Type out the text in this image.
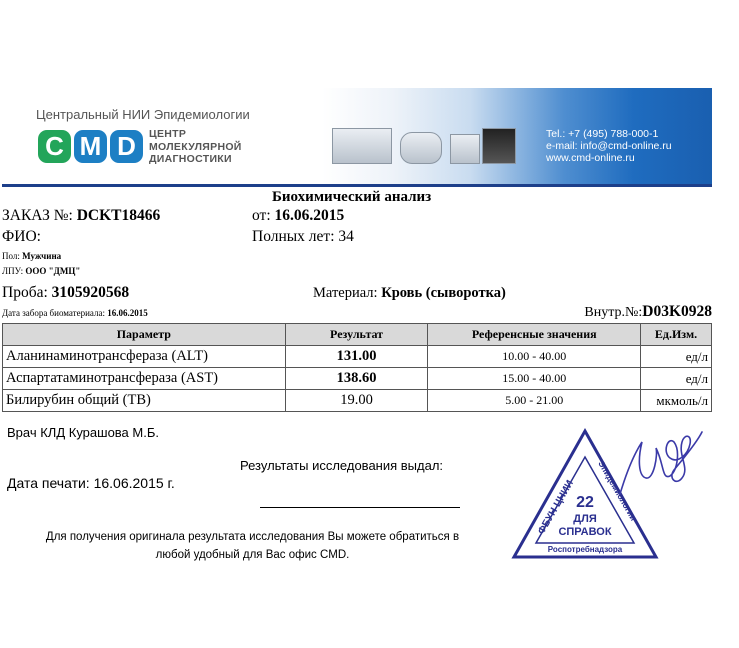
Центральный НИИ Эпидемиологии
C M D	ЦЕНТР
МОЛЕКУЛЯРНОЙ
ДИАГНОСТИКИ
Tel.: +7 (495) 788-000-1
e-mail: info@cmd-online.ru
www.cmd-online.ru
Биохимический анализ
ЗАКАЗ №: DCKT18466	от: 16.06.2015
ФИО:	Полных лет: 34
Пол: Мужчина
ЛПУ: ООО "ДМЦ"
Проба: 3105920568	Материал: Кровь (сыворотка)
Дата забора биоматериала: 16.06.2015	Внутр.№:D03K0928
Параметр	Результат	Референсные значения	Ед.Изм.
Аланинаминотрансфераза (ALT)	131.00	10.00 - 40.00	ед/л
Аспартатаминотрансфераза (AST)	138.60	15.00 - 40.00	ед/л
Билирубин общий (ТВ)	19.00	5.00 - 21.00	мкмоль/л
Врач КЛД Курашова М.Б.
Результаты исследования выдал:
Дата печати: 16.06.2015 г.
Для получения оригинала результата исследования Вы можете обратиться в
любой удобный для Вас офис CMD.
ФБУН ЦНИИ Эпидемиологии
22
ДЛЯ
СПРАВОК
Роспотребнадзора
